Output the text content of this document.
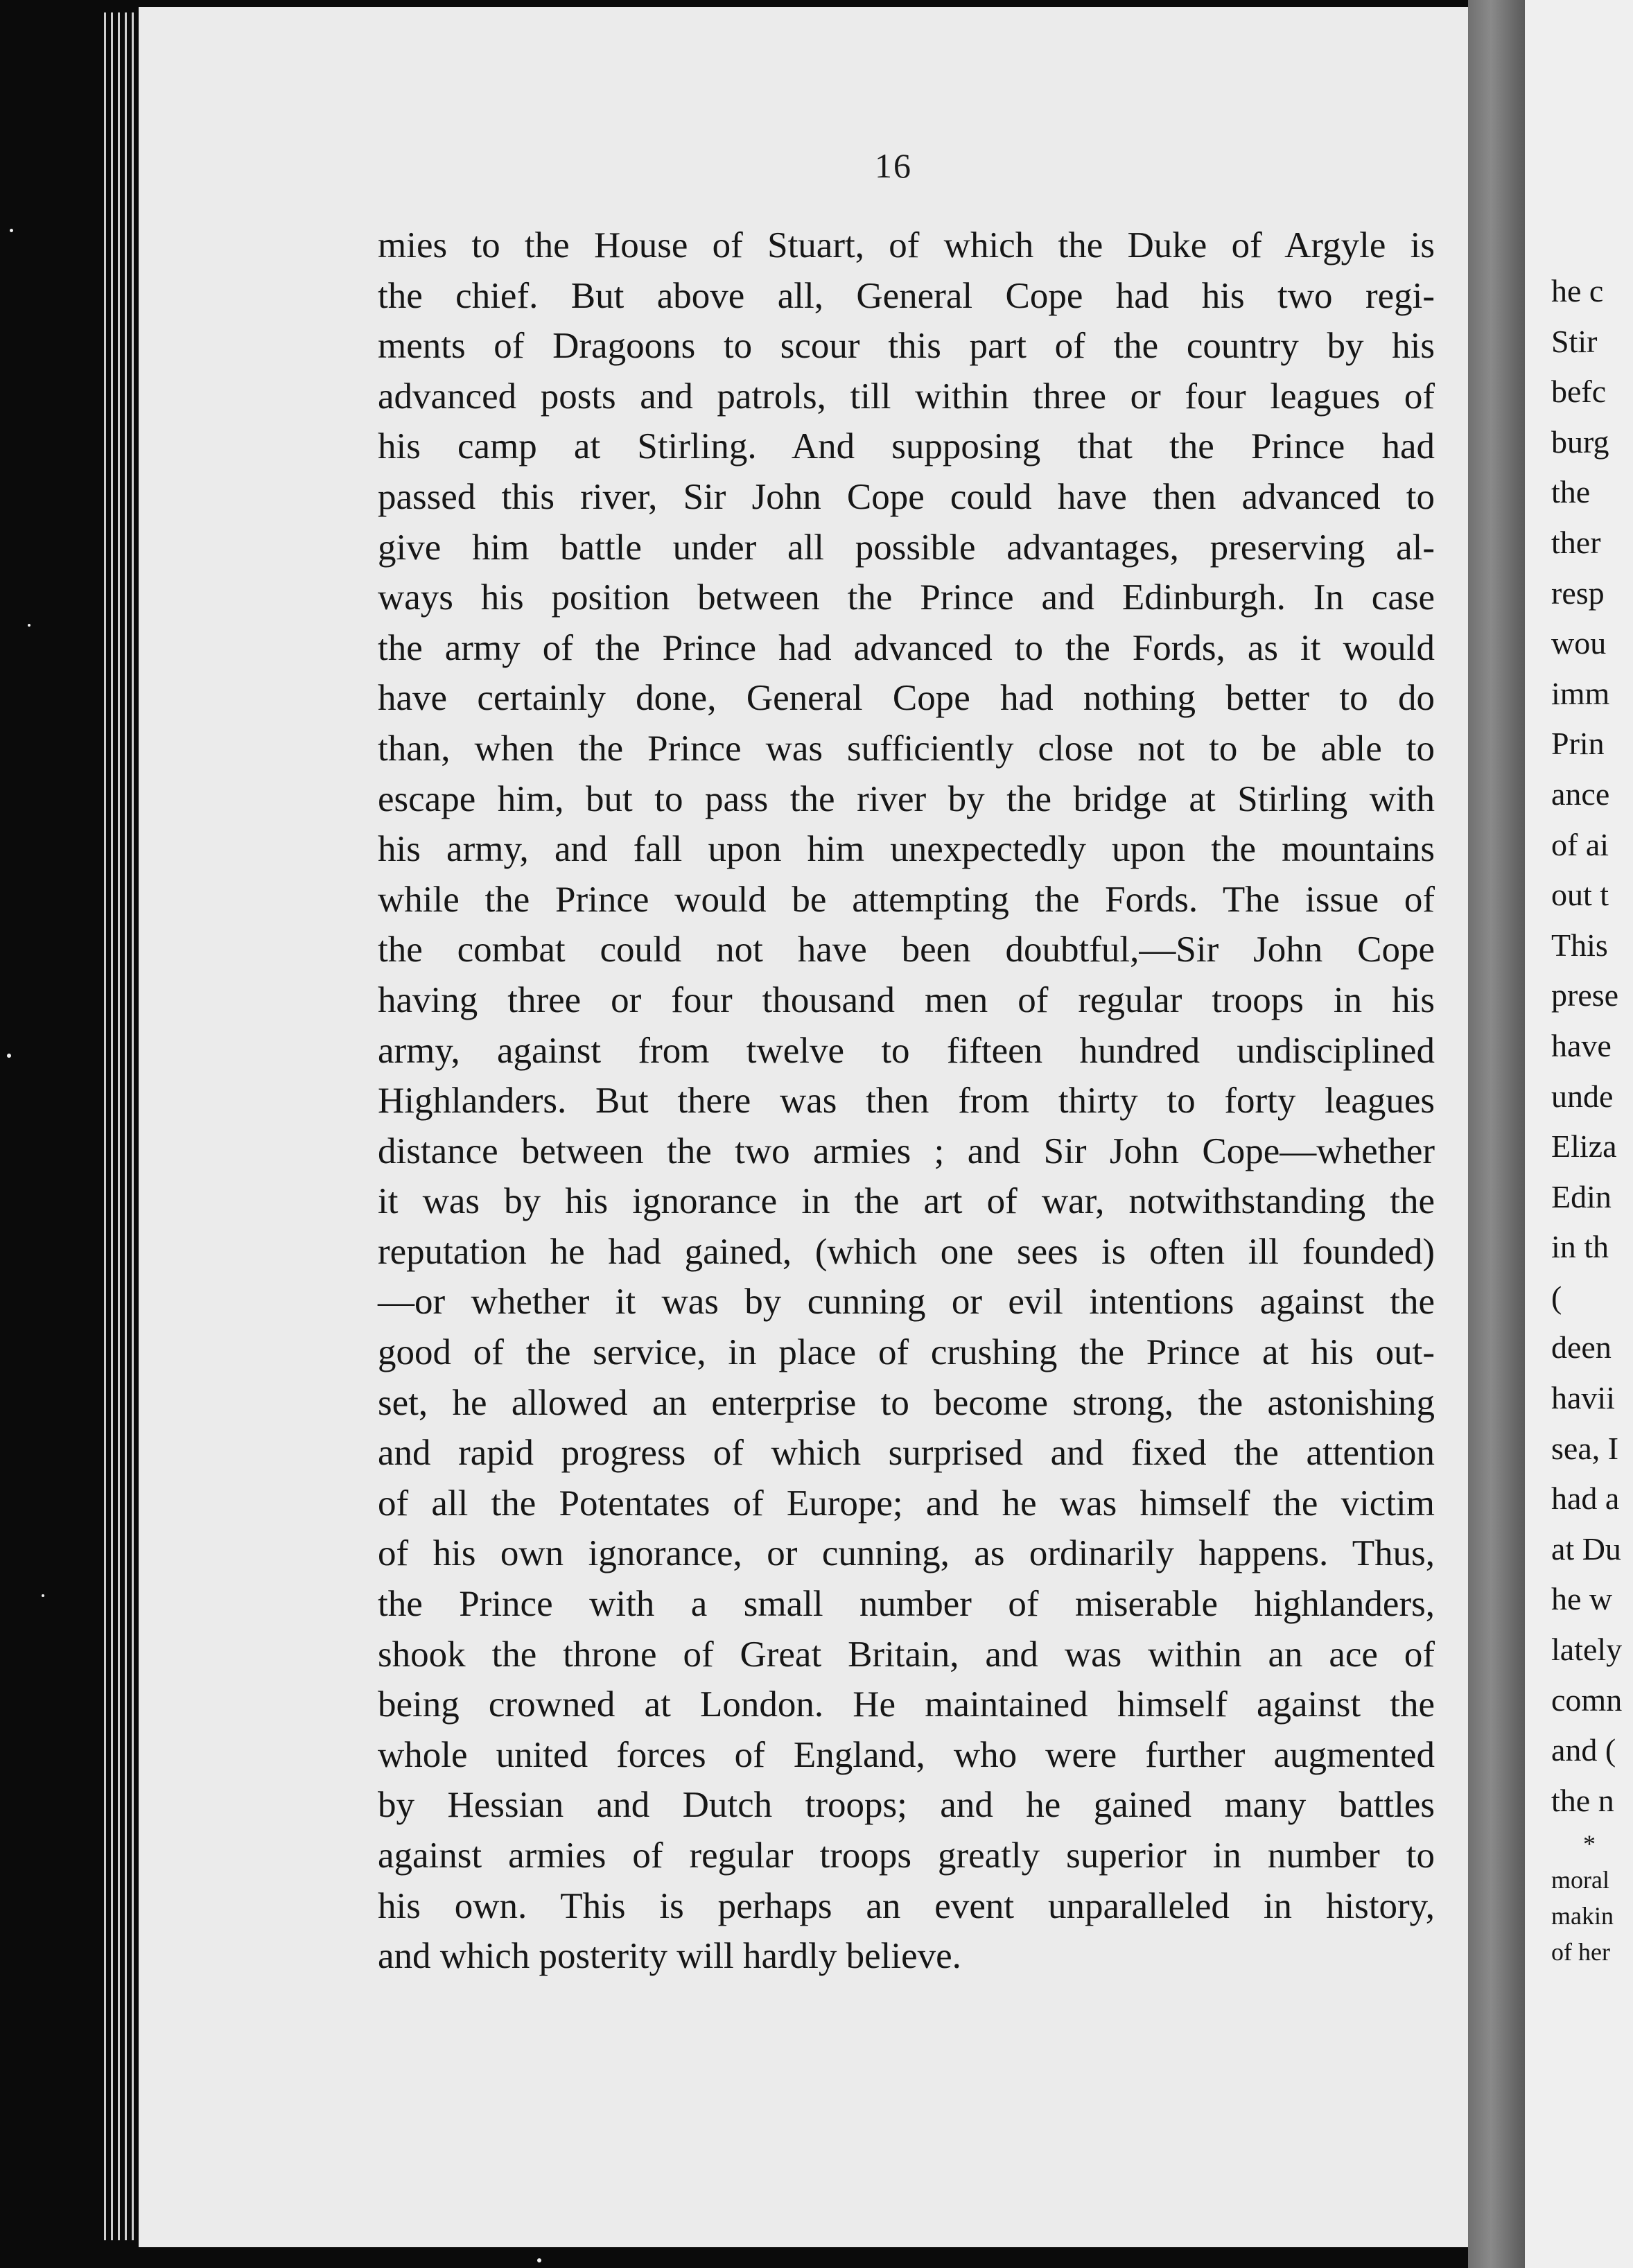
16
mies to the House of Stuart, of which the Duke of Argyle is
the chief. But above all, General Cope had his two regi-
ments of Dragoons to scour this part of the country by his
advanced posts and patrols, till within three or four leagues of
his camp at Stirling. And supposing that the Prince had
passed this river, Sir John Cope could have then advanced to
give him battle under all possible advantages, preserving al-
ways his position between the Prince and Edinburgh. In case
the army of the Prince had advanced to the Fords, as it would
have certainly done, General Cope had nothing better to do
than, when the Prince was sufficiently close not to be able to
escape him, but to pass the river by the bridge at Stirling with
his army, and fall upon him unexpectedly upon the mountains
while the Prince would be attempting the Fords. The issue of
the combat could not have been doubtful,—Sir John Cope
having three or four thousand men of regular troops in his
army, against from twelve to fifteen hundred undisciplined
Highlanders. But there was then from thirty to forty leagues
distance between the two armies ; and Sir John Cope—whether
it was by his ignorance in the art of war, notwithstanding the
reputation he had gained, (which one sees is often ill founded)
—or whether it was by cunning or evil intentions against the
good of the service, in place of crushing the Prince at his out-
set, he allowed an enterprise to become strong, the astonishing
and rapid progress of which surprised and fixed the attention
of all the Potentates of Europe; and he was himself the victim
of his own ignorance, or cunning, as ordinarily happens. Thus,
the Prince with a small number of miserable highlanders,
shook the throne of Great Britain, and was within an ace of
being crowned at London. He maintained himself against the
whole united forces of England, who were further augmented
by Hessian and Dutch troops; and he gained many battles
against armies of regular troops greatly superior in number to
his own. This is perhaps an event unparalleled in history,
and which posterity will hardly believe.
he c
Stir
befc
burg
the
ther
resp
wou
imm
Prin
ance
of ai
out t
This
prese
have
unde
Eliza
Edin
in th
(
deen
havii
sea, I
had a
at Du
he w
lately
comn
and (
the n
*
moral
makin
of her
